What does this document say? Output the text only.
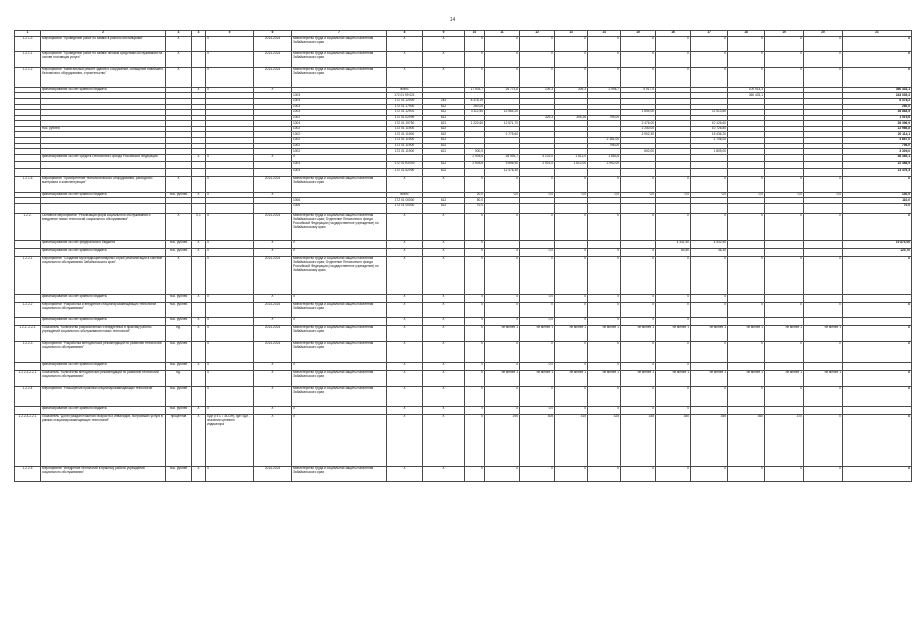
14
1	2	3	4	5	6	7	8	9	10	11	12	13	14	15	16	17	18	19	20	21
1.2.1.3	Мероприятие "Проведение работ по заявке в разного инстанциями"	X		X	2014-2024	Министерство труда и социальной защиты населения Забайкальского края	X	X	X	X	X	X	X	X	X	X	X	X	X	X
1.2.1.1	Мероприятие "Проведение работ по заявке личным средствам обслуживания на основе поставщик услуги"	X		X	2014-2024	Министерство труда и социальной защиты населения Забайкальского края	X	X	X	X	X	X	X	X	X	X	X	X	X	X
1.2.1.2	Мероприятие "Капитальный ремонт зданий и сооружений, оснащение новейшего безопасного оборудования, строительство"	X		X	2014-2024	Министерство труда и социальной защиты населения Забайкальского края	X	X	X	X	X	X	X	X	X	X	X	X	X	X
	финансирование за счет краевого бюджета		X	X	X		всего		17 903,7	26 773,6	109,3	309,3	2 998,7	5 917,5			100 914,3			360 433,1
						1003	172 01 99 021										360 433,1			243 035,3
						1003	172 01 12909	244	8 378,19											8 378,2
						1003	172 01 17900	612	260,00											260,0
						1003	172 01 12901	612	3 112,50	12 564,20				1 694,00		11 513,80				28 884,5
						1002	172 01 02099	612			329,3	395,26	795,00							1 519,6
						1004	172 01 19750	621	1 222,60	12 571,70				2 476,00		10 126,60				26 396,9
	тыс. рублей					1002	172 01 11900	622						2 240,00		10 726,80				12 966,8
						1002	172 01 11900	622		1 775,60				2 902,30		15 436,20				20 114,1
						1002	172 01 11900	612					2 181,00			1 706,00				3 887,0
						1002	172 01 11900	622					798,00							798,0
						1002	172 01 11900	621	900,0					600,00		1 809,00				3 309,0
	финансирование за счет средств Пенсионного фонда Российской Федерации		X	X	X	X			2 905,6	26 993,7	4 102,0	1 612,0	1 663,6							36 385,1
						1003	172 01 R2090	612	2 905,6	9 896,90	2 901,0	1 612,00	2 992,00							22 488,9
						1003	172 01 52090	622		12 476,30										13 476,3
1.2.1.5	Мероприятие "Приобретение технологического оборудования, расходного материала и комплектующих"	X		X	2014-2024	Министерство труда и социальной защиты населения Забайкальского края	X	X	X	X	X	X	X	X	X	X	X	X	X	X
	финансирование за счет краевого бюджета	тыс. рублей	X	X	X		всего		20,0	0,0	0,0	0,0	0,0	0,0	0,0	0,0	0,0	0,0	0,0	140,0
						1006	17Z 01 00000	612	50,0											110,0
						1006	17Z 01 00000	622	70,0											70,0
1.2.2.	Основное мероприятие "Реализация форм социального обслуживания и внедрение новых технологий социального обслуживания"	X	0,1	X	2014-2024	Министерство труда и социальной защиты населения Забайкальского края; Отделение Пенсионного фонда Российской Федерации (государственное учреждение) по Забайкальскому краю	X	X	X	X	X	X	X	X	X	X	X	X	X	X
	финансирование за счет федерального бюджета	тыс. рублей	X	X	X	X	X	X	X						4 341,50	4 532,50				10 874,00
	финансирование за счет краевого бюджета	тыс. рублей	X	X	X	X	X	X	X	0	0,0	0	0	0	84,80	36,30				120,70
1.2.2.1	Мероприятие "Создание мультидисциплинарных служб реабилитации в системе социального обслуживания Забайкальского края"	X		X	2014-2024	Министерство труда и социальной защиты населения Забайкальского края; Отделение Пенсионного фонда Российской Федерации (государственное учреждение) по Забайкальскому краю	X	X	X	X	X	X	X	X	X	X	X	X	X	X
	финансирование за счет краевого бюджета	тыс. рублей	X	X	X	X	X	X	0	0	0,0	0	0	0	0	0				
1.2.2.2	Мероприятие "Разработка и внедрение стационарозамещающих технологий социального обслуживания"	тыс. рублей			2014-2024	Министерство труда и социальной защиты населения Забайкальского края	X	X	X	X	X	X	X	X	X	X	X	X	X	X
	финансирование за счет краевого бюджета	тыс. рублей	X	X	X	X	X	X	0	0	0,0	0	0	0	0					
1.2.2.-2.2-1	Показатель "Количество разработанных и внедренных в практику работы учреждений социального обслуживания новых технологий"	ед.	X	X	2014-2024	Министерство труда и социальной защиты населения Забайкальского края	X	X	X	не менее 1	не менее 1	не менее 1	не менее 1	не менее 1	не менее 1	не менее 1	не менее 1	не менее 1	не менее 1	X
1.2.2.3	Мероприятие "Разработка методических рекомендаций по развитию технологий социального обслуживания"	тыс. рублей		X	2014-2024	Министерство труда и социальной защиты населения Забайкальского края	X	X	X	X	X	X	X	X	X	X	X	X	X	X
	финансирование за счет краевого бюджета	тыс. рублей	X	X	X	X	X	X	0	0	0,0	0	0	0	0					
1.2.2.3-2.2.1	Показатель "Количество методических рекомендаций по развитию технологий социального обслуживания"	ед.		X	X	Министерство труда и социальной защиты населения Забайкальского края	X	X	X	не менее 1	не менее 1	не менее 1	не менее 1	не менее 1	не менее 1	не менее 1	не менее 1	не менее 1	не менее 1	X
1.2.2.4	Мероприятие "Расширение практики стационарозамещающих технологий"	тыс. рублей		X	X	Министерство труда и социальной защиты населения Забайкальского края	X	X	X	X	X	X	X	X	X	X	X	X	X	X
	финансирование за счет краевого бюджета	тыс. рублей	X	X	X	X	X	X	0	0	0,0	0	0	0	0					
1.2.2.4-2.2.1	Показатель "Доля граждан пожилого возраста и инвалидов, получивших услуги в рамках стационарозамещающих технологий"	процентов	X	ПДн (ПГС / ЭСОН), где ПДн - значение целевого индикатора	X	X	X	X	X	290	305	315	325	335	350	355	360	370	X	X
1.2.2.5	Мероприятие "Внедрение технологий в практику работы учреждений социального обслуживания"	тыс. рублей	X	X	2014-2024	Министерство труда и социальной защиты населения Забайкальского края	X	X	X	X	X	X	X	X	X	X	X	X	X	X
